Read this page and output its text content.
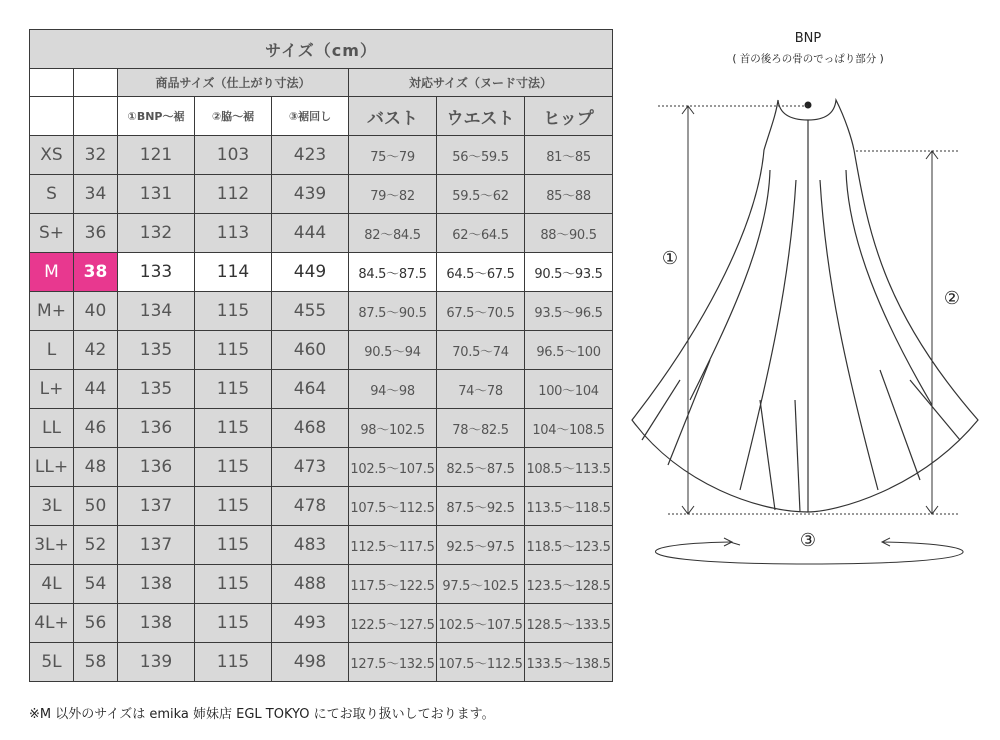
サイズ（cm）							
		商品サイズ（仕上がり寸法）			対応サイズ（ヌード寸法）		
		①BNP～裾	②脇～裾	③裾回し	バスト	ウエスト	ヒップ
XS	32	121	103	423	75～79	56～59.5	81～85
S	34	131	112	439	79～82	59.5～62	85～88
S+	36	132	113	444	82～84.5	62～64.5	88～90.5
M	38	133	114	449	84.5～87.5	64.5～67.5	90.5～93.5
M+	40	134	115	455	87.5～90.5	67.5～70.5	93.5～96.5
L	42	135	115	460	90.5～94	70.5～74	96.5～100
L+	44	135	115	464	94～98	74～78	100～104
LL	46	136	115	468	98～102.5	78～82.5	104～108.5
LL+	48	136	115	473	102.5～107.5	82.5～87.5	108.5～113.5
3L	50	137	115	478	107.5～112.5	87.5～92.5	113.5～118.5
3L+	52	137	115	483	112.5～117.5	92.5～97.5	118.5～123.5
4L	54	138	115	488	117.5～122.5	97.5～102.5	123.5～128.5
4L+	56	138	115	493	122.5～127.5	102.5～107.5	128.5～133.5
5L	58	139	115	498	127.5～132.5	107.5～112.5	133.5～138.5
※M 以外のサイズは emika 姉妹店 EGL TOKYO にてお取り扱いしております。
BNP
( 首の後ろの骨のでっぱり部分 )
①
②
③
